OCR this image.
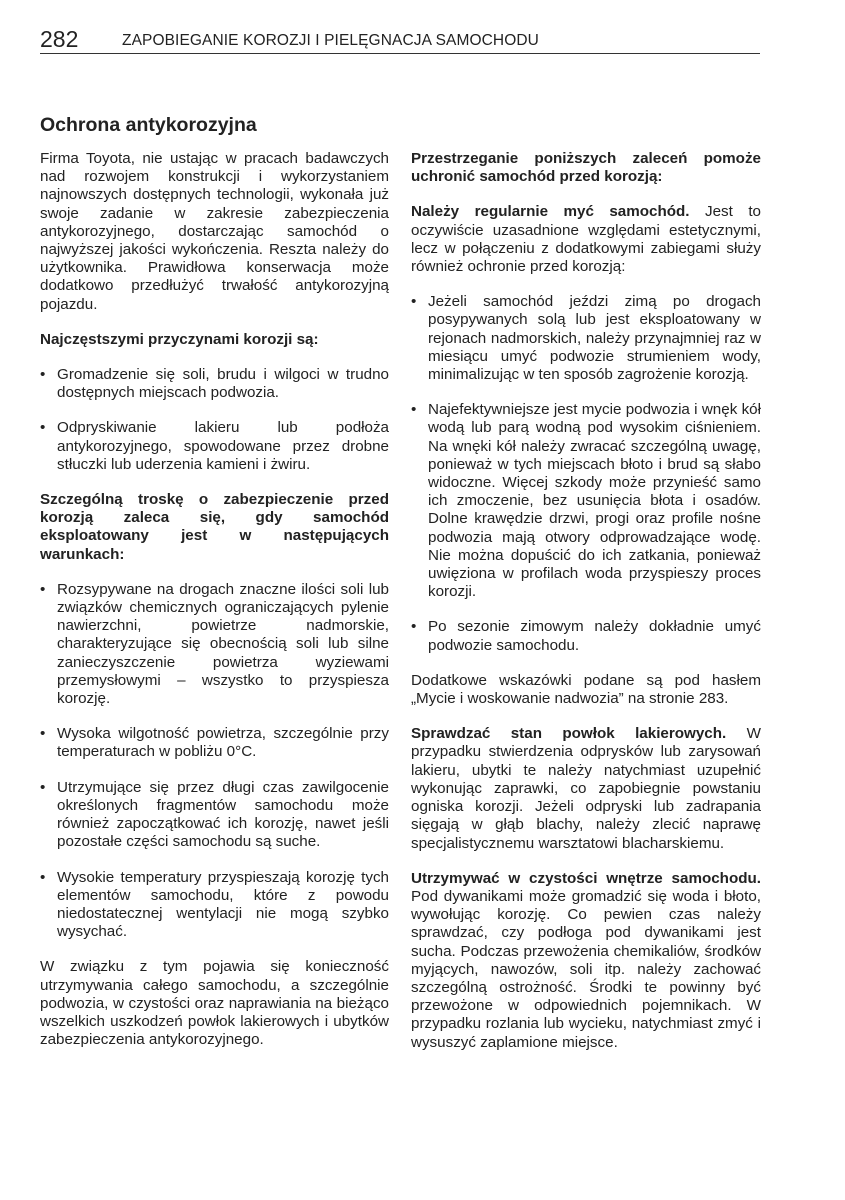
282	ZAPOBIEGANIE KOROZJI I PIELĘGNACJA SAMOCHODU
Ochrona antykorozyjna

Firma Toyota, nie ustając w pracach badawczych nad rozwojem konstrukcji i wykorzystaniem najnowszych dostępnych technologii, wykonała już swoje zadanie w zakresie zabezpieczenia antykorozyjnego, dostarczając samochód o najwyższej jakości wykończenia. Reszta należy do użytkownika. Prawidłowa konserwacja może dodatkowo przedłużyć trwałość antykorozyjną pojazdu.

Najczęstszymi przyczynami korozji są:

• Gromadzenie się soli, brudu i wilgoci w trudno dostępnych miejscach podwozia.
• Odpryskiwanie lakieru lub podłoża antykorozyjnego, spowodowane przez drobne stłuczki lub uderzenia kamieni i żwiru.

Szczególną troskę o zabezpieczenie przed korozją zaleca się, gdy samochód eksploatowany jest w następujących warunkach:

• Rozsypywane na drogach znaczne ilości soli lub związków chemicznych ograniczających pylenie nawierzchni, powietrze nadmorskie, charakteryzujące się obecnością soli lub silne zanieczyszczenie powietrza wyziewami przemysłowymi – wszystko to przyspiesza korozję.
• Wysoka wilgotność powietrza, szczególnie przy temperaturach w pobliżu 0°C.
• Utrzymujące się przez długi czas zawilgocenie określonych fragmentów samochodu może również zapoczątkować ich korozję, nawet jeśli pozostałe części samochodu są suche.
• Wysokie temperatury przyspieszają korozję tych elementów samochodu, które z powodu niedostatecznej wentylacji nie mogą szybko wysychać.

W związku z tym pojawia się konieczność utrzymywania całego samochodu, a szczególnie podwozia, w czystości oraz naprawiania na bieżąco wszelkich uszkodzeń powłok lakierowych i ubytków zabezpieczenia antykorozyjnego.

Przestrzeganie poniższych zaleceń pomoże uchronić samochód przed korozją:

Należy regularnie myć samochód. Jest to oczywiście uzasadnione względami estetycznymi, lecz w połączeniu z dodatkowymi zabiegami służy również ochronie przed korozją:

• Jeżeli samochód jeździ zimą po drogach posypywanych solą lub jest eksploatowany w rejonach nadmorskich, należy przynajmniej raz w miesiącu umyć podwozie strumieniem wody, minimalizując w ten sposób zagrożenie korozją.
• Najefektywniejsze jest mycie podwozia i wnęk kół wodą lub parą wodną pod wysokim ciśnieniem. Na wnęki kół należy zwracać szczególną uwagę, ponieważ w tych miejscach błoto i brud są słabo widoczne. Więcej szkody może przynieść samo ich zmoczenie, bez usunięcia błota i osadów. Dolne krawędzie drzwi, progi oraz profile nośne podwozia mają otwory odprowadzające wodę. Nie można dopuścić do ich zatkania, ponieważ uwięziona w profilach woda przyspieszy proces korozji.
• Po sezonie zimowym należy dokładnie umyć podwozie samochodu.

Dodatkowe wskazówki podane są pod hasłem „Mycie i woskowanie nadwozia” na stronie 283.

Sprawdzać stan powłok lakierowych. W przypadku stwierdzenia odprysków lub zarysowań lakieru, ubytki te należy natychmiast uzupełnić wykonując zaprawki, co zapobiegnie powstaniu ogniska korozji. Jeżeli odpryski lub zadrapania sięgają w głąb blachy, należy zlecić naprawę specjalistycznemu warsztatowi blacharskiemu.

Utrzymywać w czystości wnętrze samochodu. Pod dywanikami może gromadzić się woda i błoto, wywołując korozję. Co pewien czas należy sprawdzać, czy podłoga pod dywanikami jest sucha. Podczas przewożenia chemikaliów, środków myjących, nawozów, soli itp. należy zachować szczególną ostrożność. Środki te powinny być przewożone w odpowiednich pojemnikach. W przypadku rozlania lub wycieku, natychmiast zmyć i wysuszyć zaplamione miejsce.
